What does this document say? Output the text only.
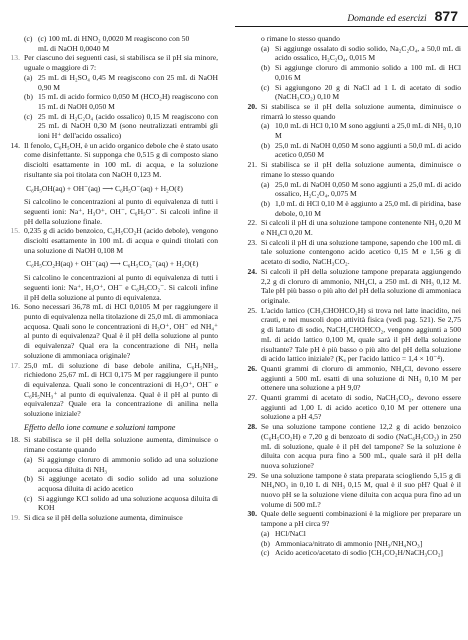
Domande ed esercizi 877
(c) (c) 100 mL di HNO₂ 0,0020 M reagiscono con 50
mL di NaOH 0,0040 M
13. Per ciascuno dei seguenti casi, si stabilisca se il pH sia minore, uguale o maggiore di 7:
(a) 25 mL di H₂SO₄ 0,45 M reagiscono con 25 mL di NaOH 0,90 M
(b) 15 mL di acido formico 0,050 M (HCO₂H) reagiscono con 15 mL di NaOH 0,050 M
(c) 25 mL di H₂C₂O₄ (acido ossalico) 0,15 M reagiscono con 25 mL di NaOH 0,30 M (sono neutralizzati entrambi gli ioni H⁺ dell'acido ossalico)
14. Il fenolo, C₆H₅OH, è un acido organico debole che è stato usato come disinfettante. Si supponga che 0,515 g di composto siano disciolti esattamente in 100 mL di acqua, e la soluzione risultante sia poi titolata con NaOH 0,123 M.
C₆H₅OH(aq) + OH⁻(aq) ⟶ C₆H₅O⁻(aq) + H₂O(ℓ)
Si calcolino le concentrazioni al punto di equivalenza di tutti i seguenti ioni: Na⁺, H₃O⁺, OH⁻, C₆H₅O⁻. Si calcoli infine il pH della soluzione finale.
15. 0,235 g di acido benzoico, C₆H₅CO₂H (acido debole), vengono disciolti esattamente in 100 mL di acqua e quindi titolati con una soluzione di NaOH 0,108 M
C₆H₅CO₂H(aq) + OH⁻(aq) ⟶ C₆H₅CO₂⁻(aq) + H₂O(ℓ)
Si calcolino le concentrazioni al punto di equivalenza di tutti i seguenti ioni: Na⁺, H₃O⁺, OH⁻ e C₆H₅CO₂⁻. Si calcoli infine il pH della soluzione al punto di equivalenza.
16. Sono necessari 36,78 mL di HCl 0,0105 M per raggiungere il punto di equivalenza nella titolazione di 25,0 mL di ammoniaca acquosa. Quali sono le concentrazioni di H₃O⁺, OH⁻ ed NH₄⁺ al punto di equivalenza? Qual è il pH della soluzione al punto di equivalenza? Qual era la concentrazione di NH₃ nella soluzione di ammoniaca originale?
17. 25,0 mL di soluzione di base debole anilina, C₆H₅NH₂, richiedono 25,67 mL di HCl 0,175 M per raggiungere il punto di equivalenza. Quali sono le concentrazioni di H₃O⁺, OH⁻ e C₆H₅NH₃⁺ al punto di equivalenza. Qual è il pH al punto di equivalenza? Quale era la concentrazione di anilina nella soluzione iniziale?
Effetto dello ione comune e soluzioni tampone
18. Si stabilisca se il pH della soluzione aumenta, diminuisce o rimane costante quando
(a) Si aggiunge cloruro di ammonio solido ad una soluzione acquosa diluita di NH₃
(b) Si aggiunge acetato di sodio solido ad una soluzione acquosa diluita di acido acetico
(c) Si aggiunge KCl solido ad una soluzione acquosa diluita di KOH
19. Si dica se il pH della soluzione aumenta, diminuisce
o rimane lo stesso quando
(a) Si aggiunge ossalato di sodio solido, Na₂C₂O₄, a 50,0 mL di acido ossalico, H₂C₂O₄, 0,015 M
(b) Si aggiunge cloruro di ammonio solido a 100 mL di HCl 0,016 M
(c) Si aggiungono 20 g di NaCl ad 1 L di acetato di sodio (NaCH₃CO₂) 0,10 M
20. Si stabilisca se il pH della soluzione aumenta, diminuisce o rimarrà lo stesso quando
(a) 10,0 mL di HCl 0,10 M sono aggiunti a 25,0 mL di NH₃ 0,10 M
(b) 25,0 mL di NaOH 0,050 M sono aggiunti a 50,0 mL di acido acetico 0,050 M
21. Si stabilisca se il pH della soluzione aumenta, diminuisce o rimane lo stesso quando
(a) 25,0 mL di NaOH 0,050 M sono aggiunti a 25,0 mL di acido ossalico, H₂C₂O₄, 0,075 M
(b) 1,0 mL di HCl 0,10 M è aggiunto a 25,0 mL di piridina, base debole, 0,10 M
22. Si calcoli il pH di una soluzione tampone contenente NH₃ 0,20 M e NH₄Cl 0,20 M.
23. Si calcoli il pH di una soluzione tampone, sapendo che 100 mL di tale soluzione contengono acido acetico 0,15 M e 1,56 g di acetato di sodio, NaCH₃CO₂.
24. Si calcoli il pH della soluzione tampone preparata aggiungendo 2,2 g di cloruro di ammonio, NH₄Cl, a 250 mL di NH₃ 0,12 M. Tale pH più basso o più alto del pH della soluzione di ammoniaca originale.
25. L'acido lattico (CH₃CHOHCO₂H) si trova nel latte inacidito, nei crauti, e nei muscoli dopo attività fisica (vedi pag. 521). Se 2,75 g di lattato di sodio, NaCH₃CHOHCO₂, vengono aggiunti a 500 mL di acido lattico 0,100 M, quale sarà il pH della soluzione risultante? Tale pH è più basso o più alto del pH della soluzione di acido lattico iniziale? (Kₐ per l'acido lattico = 1,4 × 10⁻⁴).
26. Quanti grammi di cloruro di ammonio, NH₄Cl, devono essere aggiunti a 500 mL esatti di una soluzione di NH₃ 0,10 M per ottenere una soluzione a pH 9,0?
27. Quanti grammi di acetato di sodio, NaCH₃CO₂, devono essere aggiunti ad 1,00 L di acido acetico 0,10 M per ottenere una soluzione a pH 4,5?
28. Se una soluzione tampone contiene 12,2 g di acido benzoico (C₆H₅CO₂H) e 7,20 g di benzoato di sodio (NaC₆H₅CO₂) in 250 mL di soluzione, quale è il pH del tampone? Se la soluzione è diluita con acqua pura fino a 500 mL, quale sarà il pH della nuova soluzione?
29. Se una soluzione tampone è stata preparata sciogliendo 5,15 g di NH₄NO₃ in 0,10 L di NH₃ 0,15 M, qual è il suo pH? Qual è il nuovo pH se la soluzione viene diluita con acqua pura fino ad un volume di 500 mL?
30. Quale delle seguenti combinazioni è la migliore per preparare un tampone a pH circa 9?
(a) HCl/NaCl
(b) Ammoniaca/nitrato di ammonio [NH₃/NH₄NO₃]
(c) Acido acetico/acetato di sodio [CH₃CO₂H/NaCH₃CO₂]
